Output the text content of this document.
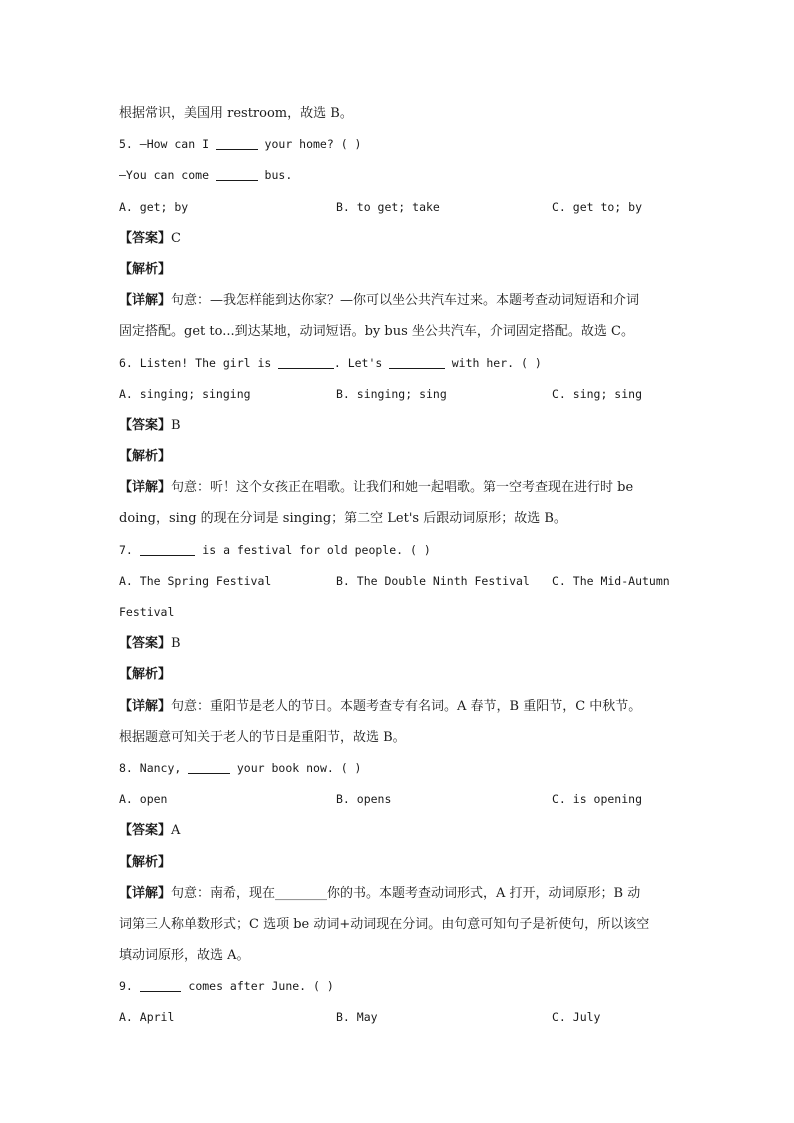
根据常识，美国用 restroom，故选 B。
5. —How can I	your home? ( )
—You can come	bus.
A. get; by	B. to get; take	C. get to; by
【答案】C
【解析】
【详解】句意：—我怎样能到达你家？—你可以坐公共汽车过来。本题考查动词短语和介词
固定搭配。get to...到达某地，动词短语。by bus 坐公共汽车，介词固定搭配。故选 C。
6. Listen! The girl is	. Let's	with her. ( )
A. singing; singing	B. singing; sing	C. sing; sing
【答案】B
【解析】
【详解】句意：听！这个女孩正在唱歌。让我们和她一起唱歌。第一空考查现在进行时 be
doing，sing 的现在分词是 singing；第二空 Let's 后跟动词原形；故选 B。
7.	is a festival for old people. ( )
A. The Spring Festival	B. The Double Ninth Festival C. The Mid-Autumn
Festival
【答案】B
【解析】
【详解】句意：重阳节是老人的节日。本题考查专有名词。A 春节，B 重阳节，C 中秋节。
根据题意可知关于老人的节日是重阳节，故选 B。
8. Nancy,	your book now. ( )
A. open	B. opens	C. is opening
【答案】A
【解析】
【详解】句意：南希，现在________你的书。本题考查动词形式，A 打开，动词原形；B 动
词第三人称单数形式；C 选项 be 动词+动词现在分词。由句意可知句子是祈使句，所以该空
填动词原形，故选 A。
9.	comes after June. ( )
A. April	B. May	C. July
